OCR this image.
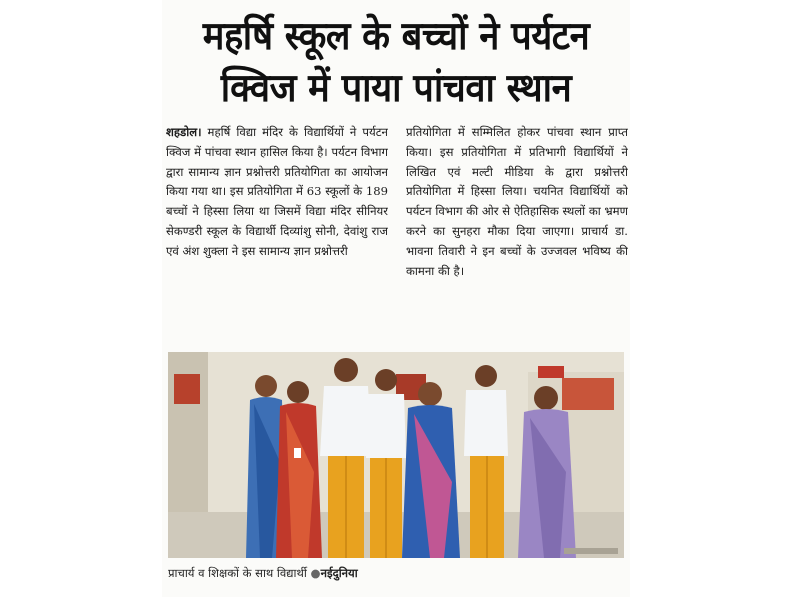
महर्षि स्कूल के बच्चों ने पर्यटन
क्विज में पाया पांचवा स्थान
शहडोल। महर्षि विद्या मंदिर के विद्यार्थियों ने पर्यटन क्विज में पांचवा स्थान हासिल किया है। पर्यटन विभाग द्वारा सामान्य ज्ञान प्रश्नोत्तरी प्रतियोगिता का आयोजन किया गया था। इस प्रतियोगिता में 63 स्कूलों के 189 बच्चों ने हिस्सा लिया था जिसमें विद्या मंदिर सीनियर सेकण्डरी स्कूल के विद्यार्थी दिव्यांशु सोनी, देवांशु राज एवं अंश शुक्ला ने इस सामान्य ज्ञान प्रश्नोत्तरी
प्रतियोगिता में सम्मिलित होकर पांचवा स्थान प्राप्त किया। इस प्रतियोगिता में प्रतिभागी विद्यार्थियों ने लिखित एवं मल्टी मीडिया के द्वारा प्रश्नोत्तरी प्रतियोगिता में हिस्सा लिया। चयनित विद्यार्थियों को पर्यटन विभाग की ओर से ऐतिहासिक स्थलों का भ्रमण करने का सुनहरा मौका दिया जाएगा। प्राचार्य डा. भावना तिवारी ने इन बच्चों के उज्जवल भविष्य की कामना की है।
प्राचार्य व शिक्षकों के साथ विद्यार्थी ●नईदुनिया
